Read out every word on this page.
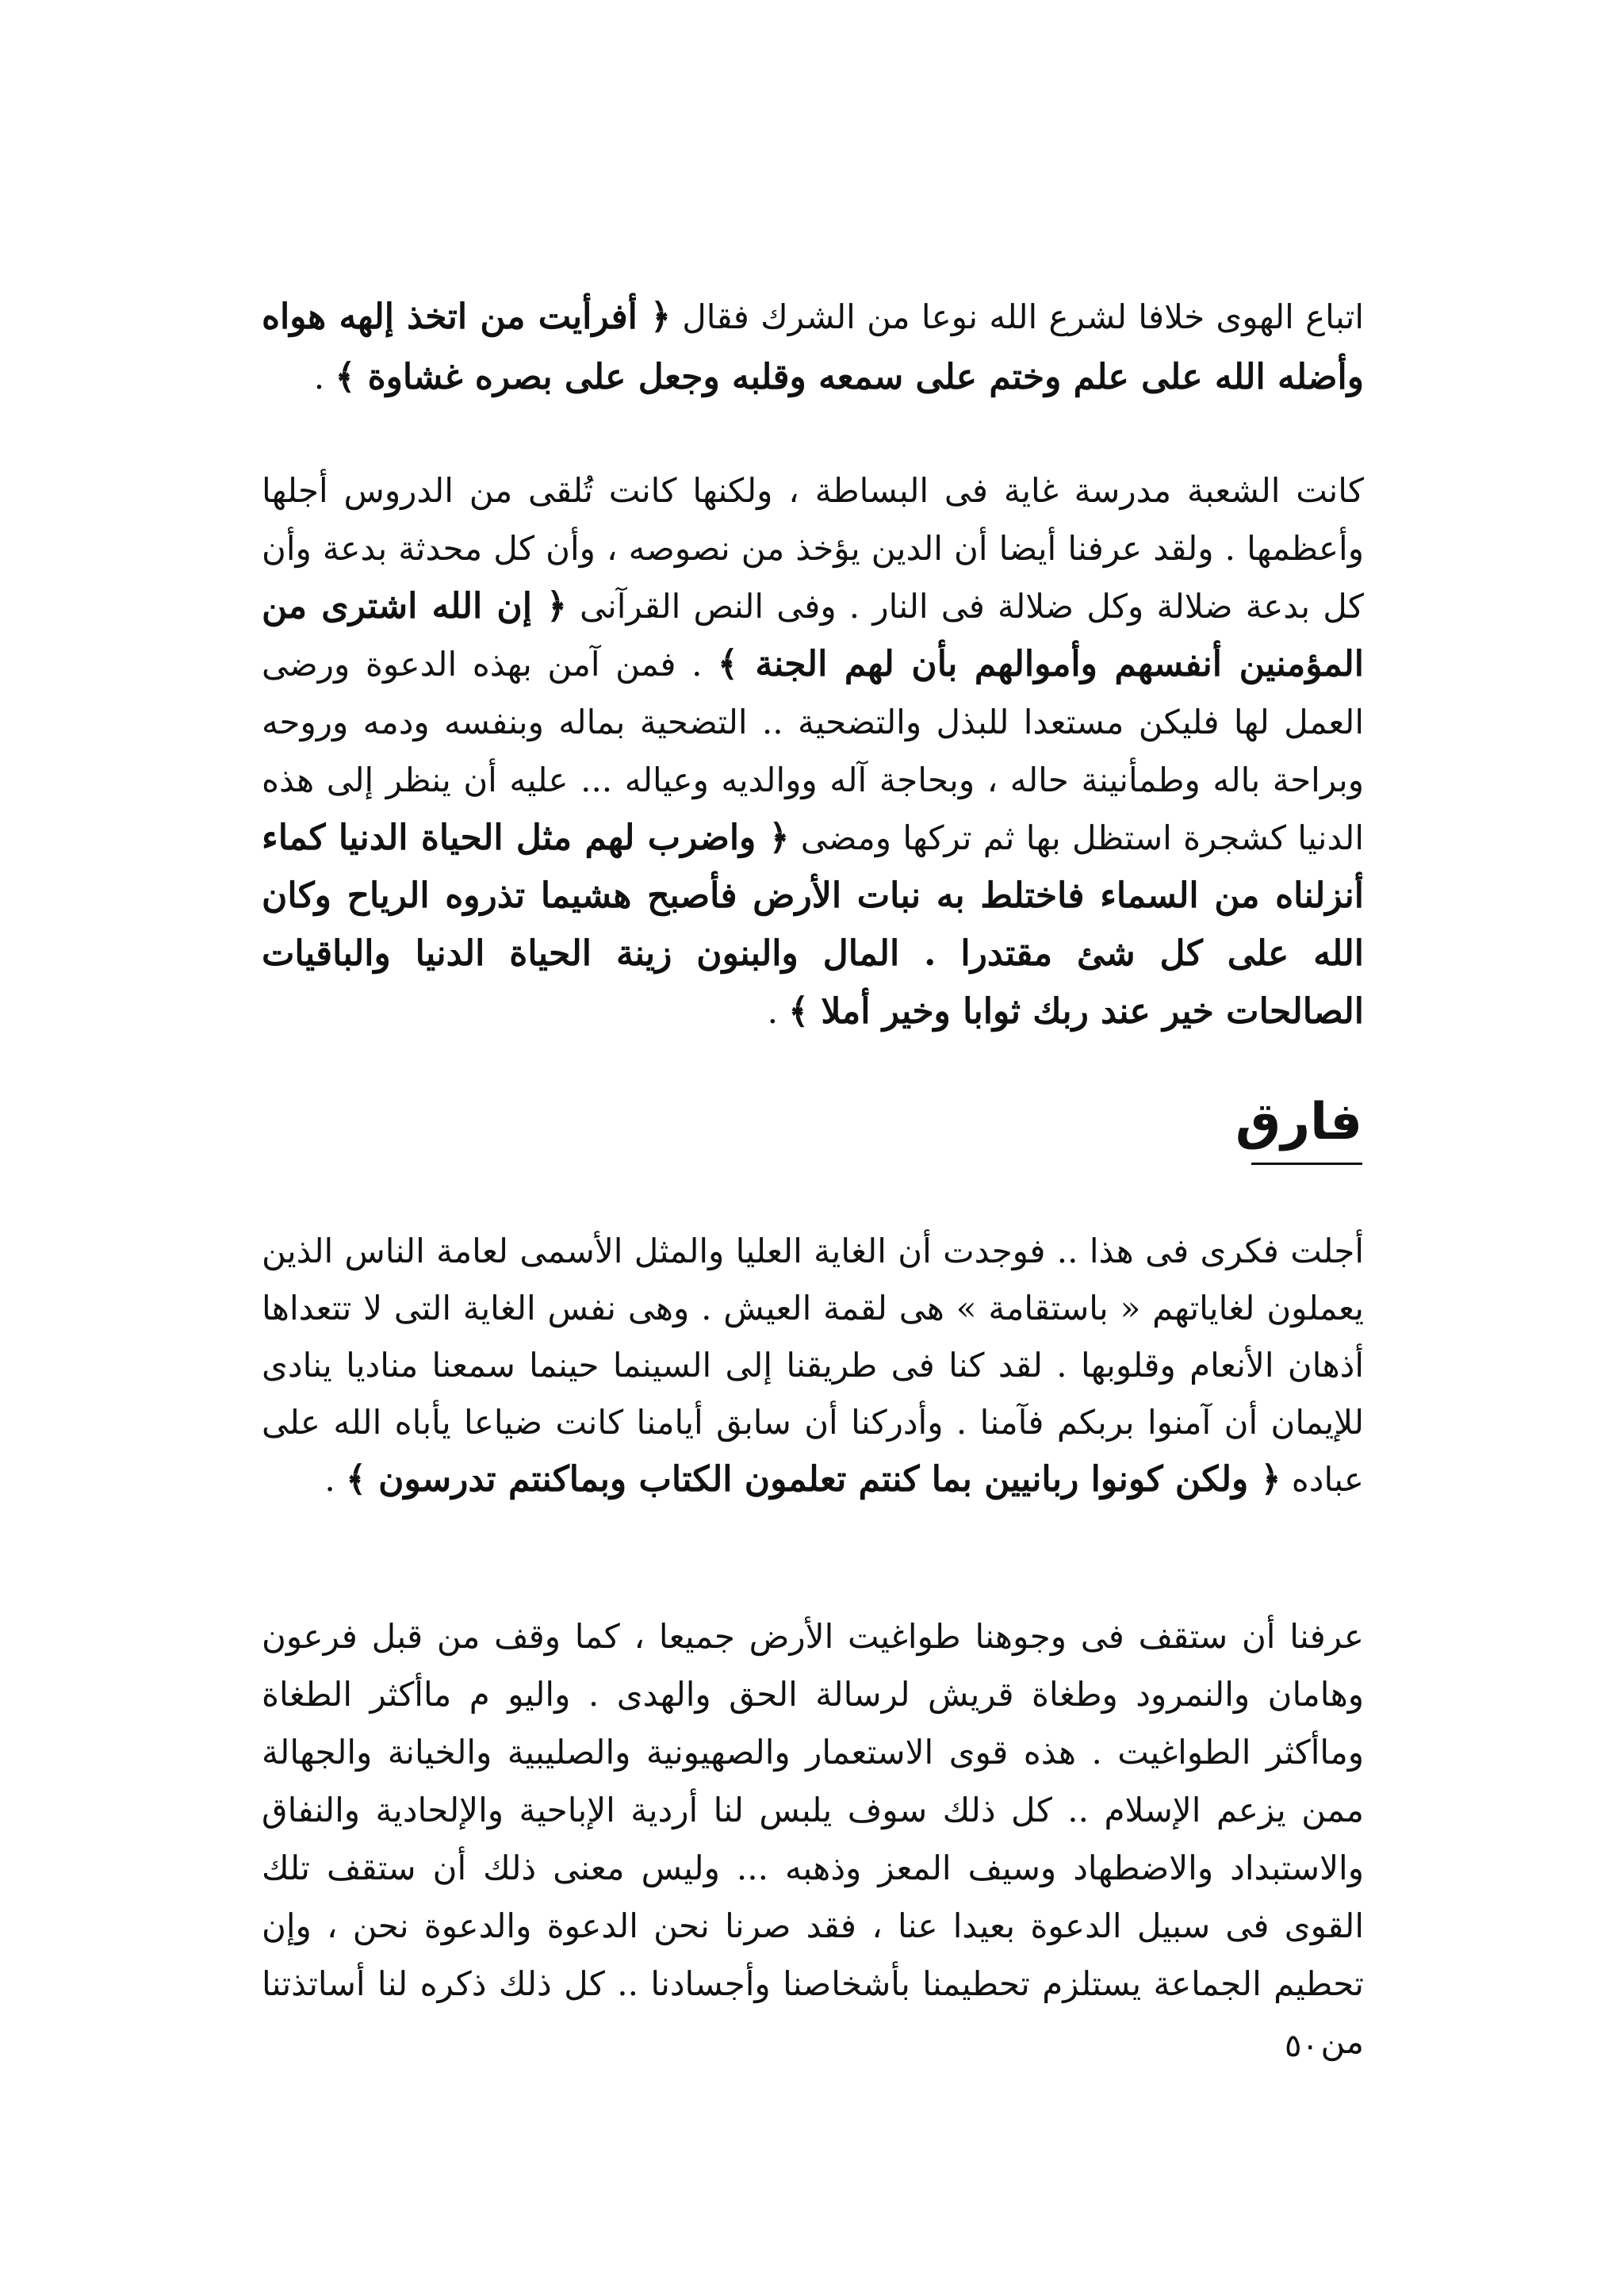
اتباع الهوى خلافا لشرع الله نوعا من الشرك فقال ﴿ أفرأيت من اتخذ إلهه هواه وأضله الله على علم وختم على سمعه وقلبه وجعل على بصره غشاوة ﴾ .

كانت الشعبة مدرسة غاية فى البساطة ، ولكنها كانت تُلقى من الدروس أجلها وأعظمها . ولقد عرفنا أيضا أن الدين يؤخذ من نصوصه ، وأن كل محدثة بدعة وأن كل بدعة ضلالة وكل ضلالة فى النار . وفى النص القرآنى ﴿ إن الله اشترى من المؤمنين أنفسهم وأموالهم بأن لهم الجنة ﴾ . فمن آمن بهذه الدعوة ورضى العمل لها فليكن مستعدا للبذل والتضحية .. التضحية بماله وبنفسه ودمه وروحه وبراحة باله وطمأنينة حاله ، وبحاجة آله ووالديه وعياله ... عليه أن ينظر إلى هذه الدنيا كشجرة استظل بها ثم تركها ومضى ﴿ واضرب لهم مثل الحياة الدنيا كماء أنزلناه من السماء فاختلط به نبات الأرض فأصبح هشيما تذروه الرياح وكان الله على كل شئ مقتدرا . المال والبنون زينة الحياة الدنيا والباقيات الصالحات خير عند ربك ثوابا وخير أملا ﴾ .

فارق

أجلت فكرى فى هذا .. فوجدت أن الغاية العليا والمثل الأسمى لعامة الناس الذين يعملون لغاياتهم « باستقامة » هى لقمة العيش . وهى نفس الغاية التى لا تتعداها أذهان الأنعام وقلوبها . لقد كنا فى طريقنا إلى السينما حينما سمعنا مناديا ينادى للإيمان أن آمنوا بربكم فآمنا . وأدركنا أن سابق أيامنا كانت ضياعا يأباه الله على عباده ﴿ ولكن كونوا ربانيين بما كنتم تعلمون الكتاب وبماكنتم تدرسون ﴾ .

عرفنا أن ستقف فى وجوهنا طواغيت الأرض جميعا ، كما وقف من قبل فرعون وهامان والنمرود وطغاة قريش لرسالة الحق والهدى . واليو م ماأكثر الطغاة وماأكثر الطواغيت . هذه قوى الاستعمار والصهيونية والصليبية والخيانة والجهالة ممن يزعم الإسلام .. كل ذلك سوف يلبس لنا أردية الإباحية والإلحادية والنفاق والاستبداد والاضطهاد وسيف المعز وذهبه ... وليس معنى ذلك أن ستقف تلك القوى فى سبيل الدعوة بعيدا عنا ، فقد صرنا نحن الدعوة والدعوة نحن ، وإن تحطيم الجماعة يستلزم تحطيمنا بأشخاصنا وأجسادنا .. كل ذلك ذكره لنا أساتذتنا من

٥٠
